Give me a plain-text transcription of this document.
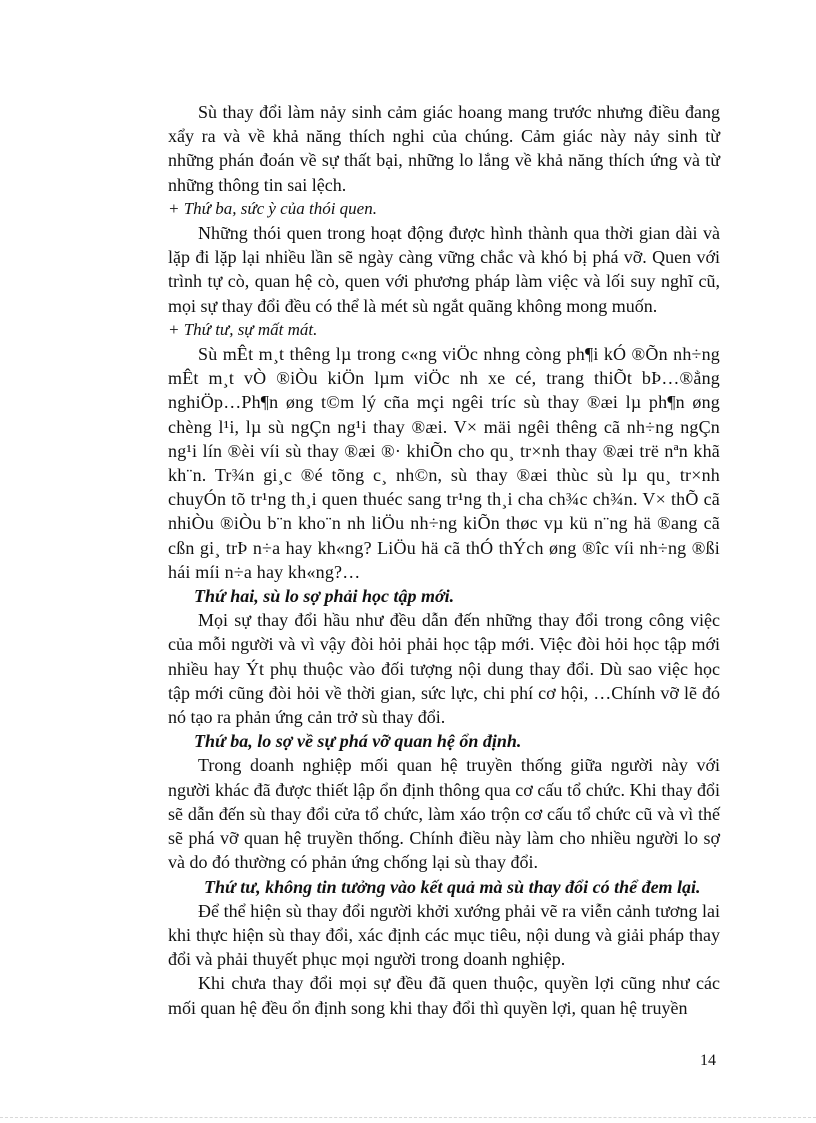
Sù thay đổi làm nảy sinh cảm giác hoang mang trước nhưng điều đang xẩy ra và về khả năng thích nghi của chúng. Cảm giác này nảy sinh từ những phán đoán về sự thất bại, những lo lắng về khả năng thích ứng và từ những thông tin sai lệch.

+ Thứ ba, sức ỳ của thói quen.

Những thói quen trong hoạt động được hình thành qua thời gian dài và lặp đi lặp lại nhiều lần sẽ ngày càng vững chắc và khó bị phá vỡ. Quen với trình tự cò, quan hệ cò, quen với phương pháp làm việc và lối suy nghĩ cũ, mọi sự thay đổi đều có thể là mét sù ngắt quãng không mong muốn.

+ Thứ tư, sự mất mát.

Sù mÊt m¸t thêng lµ trong c«ng viÖc nhng còng ph¶i kÓ ®Õn nh÷ng mÊt m¸t vÒ ®iÒu kiÖn lµm viÖc nh xe cé, trang thiÕt bÞ…®ẳng nghiÖp…Ph¶n øng t©m lý cña mçi ngêi tríc sù thay ®æi lµ ph¶n øng chèng l¹i, lµ sù ngÇn ng¹i thay ®æi. V× mäi ngêi thêng cã nh÷ng ngÇn ng¹i lín ®èi víi sù thay ®æi ®· khiÕn cho qu¸ tr×nh thay ®æi trë nªn khã kh¨n. Tr¾n gi¸c ®é tõng c¸ nh©n, sù thay ®æi thùc sù lµ qu¸ tr×nh chuyÓn tõ tr¹ng th¸i quen thuéc sang tr¹ng th¸i cha ch¾c ch¾n. V× thÕ cã nhiÒu ®iÒu b¨n kho¨n nh liÖu nh÷ng kiÕn thøc vµ kü n¨ng hä ®ang cã cßn gi¸ trÞ n÷a hay kh«ng? LiÖu hä cã thÓ thÝch øng ®îc víi nh÷ng ®ßi hái míi n÷a hay kh«ng?…

Thứ hai, sù lo sợ phải học tập mới.

Mọi sự thay đổi hầu như đều dẫn đến những thay đổi trong công việc của mỗi người và vì vậy đòi hỏi phải học tập mới. Việc đòi hỏi học tập mới nhiều hay Ýt phụ thuộc vào đối tượng nội dung thay đổi. Dù sao việc học tập mới cũng đòi hỏi về thời gian, sức lực, chi phí cơ hội, …Chính vỡ lẽ đó nó tạo ra phản ứng cản trở sù thay đổi.

Thứ ba, lo sợ về sự phá vỡ quan hệ ổn định.

Trong doanh nghiệp mối quan hệ truyền thống giữa người này với người khác đã được thiết lập ổn định thông qua cơ cấu tổ chức. Khi thay đổi sẽ dẫn đến sù thay đổi cửa tổ chức, làm xáo trộn cơ cấu tổ chức cũ và vì thế sẽ phá vỡ quan hệ truyền thống. Chính điều này làm cho nhiều người lo sợ và do đó thường có phản ứng chống lại sù thay đổi.

Thứ tư, không tin tưởng vào kết quả mà sù thay đổi có thể đem lại.

Để thể hiện sù thay đổi người khởi xướng phải vẽ ra viễn cảnh tương lai khi thực hiện sù thay đổi, xác định các mục tiêu, nội dung và giải pháp thay đổi và phải thuyết phục mọi người trong doanh nghiệp.

Khi chưa thay đổi mọi sự đều đã quen thuộc, quyền lợi cũng như các mối quan hệ đều ổn định song khi thay đổi thì quyền lợi, quan hệ truyền

14
